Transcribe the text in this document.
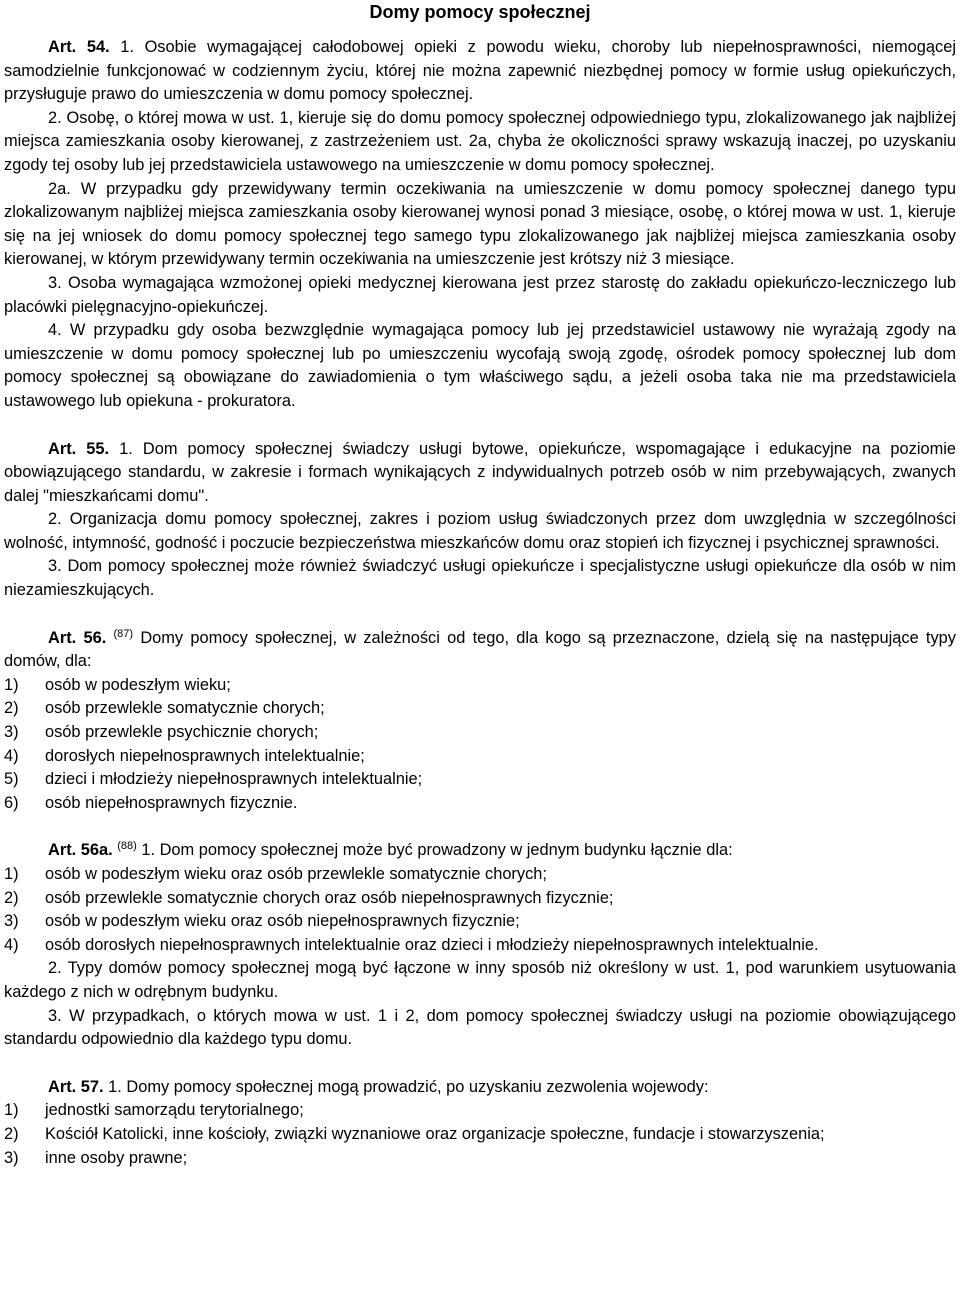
Domy pomocy społecznej

Art. 54. 1. Osobie wymagającej całodobowej opieki z powodu wieku, choroby lub niepełnosprawności, niemogącej samodzielnie funkcjonować w codziennym życiu, której nie można zapewnić niezbędnej pomocy w formie usług opiekuńczych, przysługuje prawo do umieszczenia w domu pomocy społecznej.

2. Osobę, o której mowa w ust. 1, kieruje się do domu pomocy społecznej odpowiedniego typu, zlokalizowanego jak najbliżej miejsca zamieszkania osoby kierowanej, z zastrzeżeniem ust. 2a, chyba że okoliczności sprawy wskazują inaczej, po uzyskaniu zgody tej osoby lub jej przedstawiciela ustawowego na umieszczenie w domu pomocy społecznej.

2a. W przypadku gdy przewidywany termin oczekiwania na umieszczenie w domu pomocy społecznej danego typu zlokalizowanym najbliżej miejsca zamieszkania osoby kierowanej wynosi ponad 3 miesiące, osobę, o której mowa w ust. 1, kieruje się na jej wniosek do domu pomocy społecznej tego samego typu zlokalizowanego jak najbliżej miejsca zamieszkania osoby kierowanej, w którym przewidywany termin oczekiwania na umieszczenie jest krótszy niż 3 miesiące.

3. Osoba wymagająca wzmożonej opieki medycznej kierowana jest przez starostę do zakładu opiekuńczo-leczniczego lub placówki pielęgnacyjno-opiekuńczej.

4. W przypadku gdy osoba bezwzględnie wymagająca pomocy lub jej przedstawiciel ustawowy nie wyrażają zgody na umieszczenie w domu pomocy społecznej lub po umieszczeniu wycofają swoją zgodę, ośrodek pomocy społecznej lub dom pomocy społecznej są obowiązane do zawiadomienia o tym właściwego sądu, a jeżeli osoba taka nie ma przedstawiciela ustawowego lub opiekuna - prokuratora.

Art. 55. 1. Dom pomocy społecznej świadczy usługi bytowe, opiekuńcze, wspomagające i edukacyjne na poziomie obowiązującego standardu, w zakresie i formach wynikających z indywidualnych potrzeb osób w nim przebywających, zwanych dalej "mieszkańcami domu".

2. Organizacja domu pomocy społecznej, zakres i poziom usług świadczonych przez dom uwzględnia w szczególności wolność, intymność, godność i poczucie bezpieczeństwa mieszkańców domu oraz stopień ich fizycznej i psychicznej sprawności.

3. Dom pomocy społecznej może również świadczyć usługi opiekuńcze i specjalistyczne usługi opiekuńcze dla osób w nim niezamieszkujących.

Art. 56. $^{(87)}$ Domy pomocy społecznej, w zależności od tego, dla kogo są przeznaczone, dzielą się na następujące typy domów, dla:

1)	osób w podeszłym wieku;
2)	osób przewlekle somatycznie chorych;
3)	osób przewlekle psychicznie chorych;
4)	dorosłych niepełnosprawnych intelektualnie;
5)	dzieci i młodzieży niepełnosprawnych intelektualnie;
6)	osób niepełnosprawnych fizycznie.

Art. 56a. $^{(88)}$ 1. Dom pomocy społecznej może być prowadzony w jednym budynku łącznie dla:

1)	osób w podeszłym wieku oraz osób przewlekle somatycznie chorych;
2)	osób przewlekle somatycznie chorych oraz osób niepełnosprawnych fizycznie;
3)	osób w podeszłym wieku oraz osób niepełnosprawnych fizycznie;
4)	osób dorosłych niepełnosprawnych intelektualnie oraz dzieci i młodzieży niepełnosprawnych intelektualnie.

2. Typy domów pomocy społecznej mogą być łączone w inny sposób niż określony w ust. 1, pod warunkiem usytuowania każdego z nich w odrębnym budynku.

3. W przypadkach, o których mowa w ust. 1 i 2, dom pomocy społecznej świadczy usługi na poziomie obowiązującego standardu odpowiednio dla każdego typu domu.

Art. 57. 1. Domy pomocy społecznej mogą prowadzić, po uzyskaniu zezwolenia wojewody:

1)	jednostki samorządu terytorialnego;
2)	Kościół Katolicki, inne kościoły, związki wyznaniowe oraz organizacje społeczne, fundacje i stowarzyszenia;
3)	inne osoby prawne;
